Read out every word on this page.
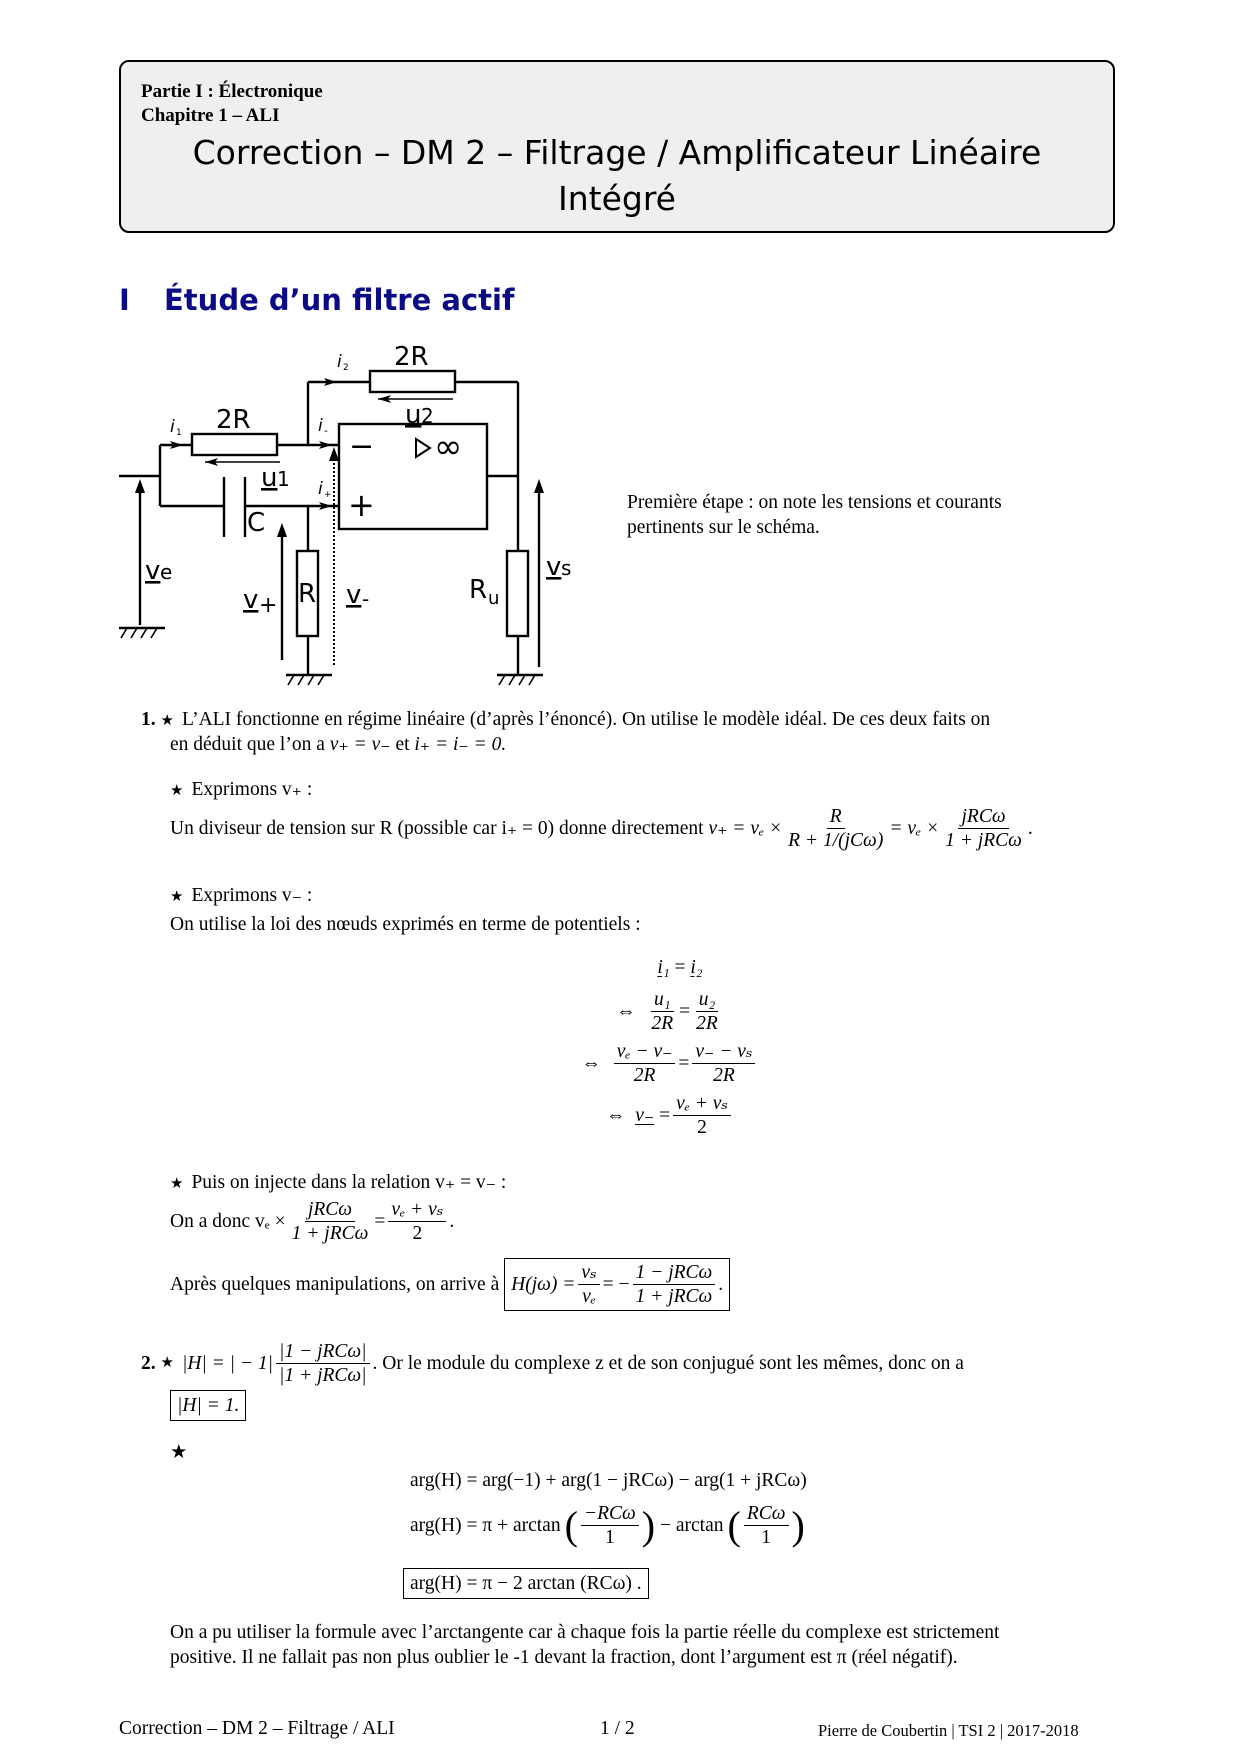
Partie I : Électronique
Chapitre 1 – ALI
Correction – DM 2 – Filtrage / Amplificateur Linéaire
Intégré
I Étude d’un filtre actif
−
+
∞
2R
2R
C
R	R u
i 1
i 2
i -
i +
u 1
u 2
v e
v +	v -
v s
Première étape : on note les tensions et courants pertinents sur le schéma.
1. ★ L’ALI fonctionne en régime linéaire (d’après l’énoncé). On utilise le modèle idéal. De ces deux faits on
en déduit que l’on a v₊ = v₋ et i₊ = i₋ = 0.
★ Exprimons v₊ :
Un diviseur de tension sur R (possible car i₊ = 0) donne directement
$v_+ = v_e \times \frac{R}{\text{R + 1/(jCω)}} = v_e \times \frac{\text{jRCω}}{\text{1 + jRCω}}$ .
★ Exprimons v₋ :
On utilise la loi des nœuds exprimés en terme de potentiels :
i₁ = i₂
⇔
$\frac{\text{u₁}}{2R} = \frac{\text{u₂}}{2R}$
⇔
$\frac{\text{vₑ − v₋}}{2R} = \frac{\text{v₋ − vₛ}}{2R}$
⇔
$v_- = \frac{\text{vₑ + vₛ}}{2}$
★ Puis on injecte dans la relation v₊ = v₋ :
On a donc $v_e \times \frac{\text{jRCω}}{\text{1 + jRCω}} = \frac{\text{vₑ + vₛ}}{2}$ .
Après quelques manipulations, on arrive à
$H(j\omega) = \frac{\text{vₛ}}{\text{vₑ}}$ = − $\frac{\text{1 − jRCω}}{\text{1 + jRCω}}$ .
2.
★ |H| = | − $1| \frac{\text{|1 − jRCω|}}{\text{|1 + jRCω|}}$ . Or le module du complexe z et de son conjugué sont les mêmes, donc on a
|H| = 1.
★
arg(H) = arg(−1) + arg(1 − jRCω) − arg(1 + jRCω)
arg(H) = π + arctan ( $\frac{\text{−RCω}}{1}$ )
− arctan ( $\frac{\text{RCω}}{1}$ )
arg(H) = π − 2 arctan (RCω) .
On a pu utiliser la formule avec l’arctangente car à chaque fois la partie réelle du complexe est strictement
positive. Il ne fallait pas non plus oublier le -1 devant la fraction, dont l’argument est π (réel négatif).
Correction – DM 2 – Filtrage / ALI	1 / 2	Pierre de Coubertin | TSI 2 | 2017-2018
